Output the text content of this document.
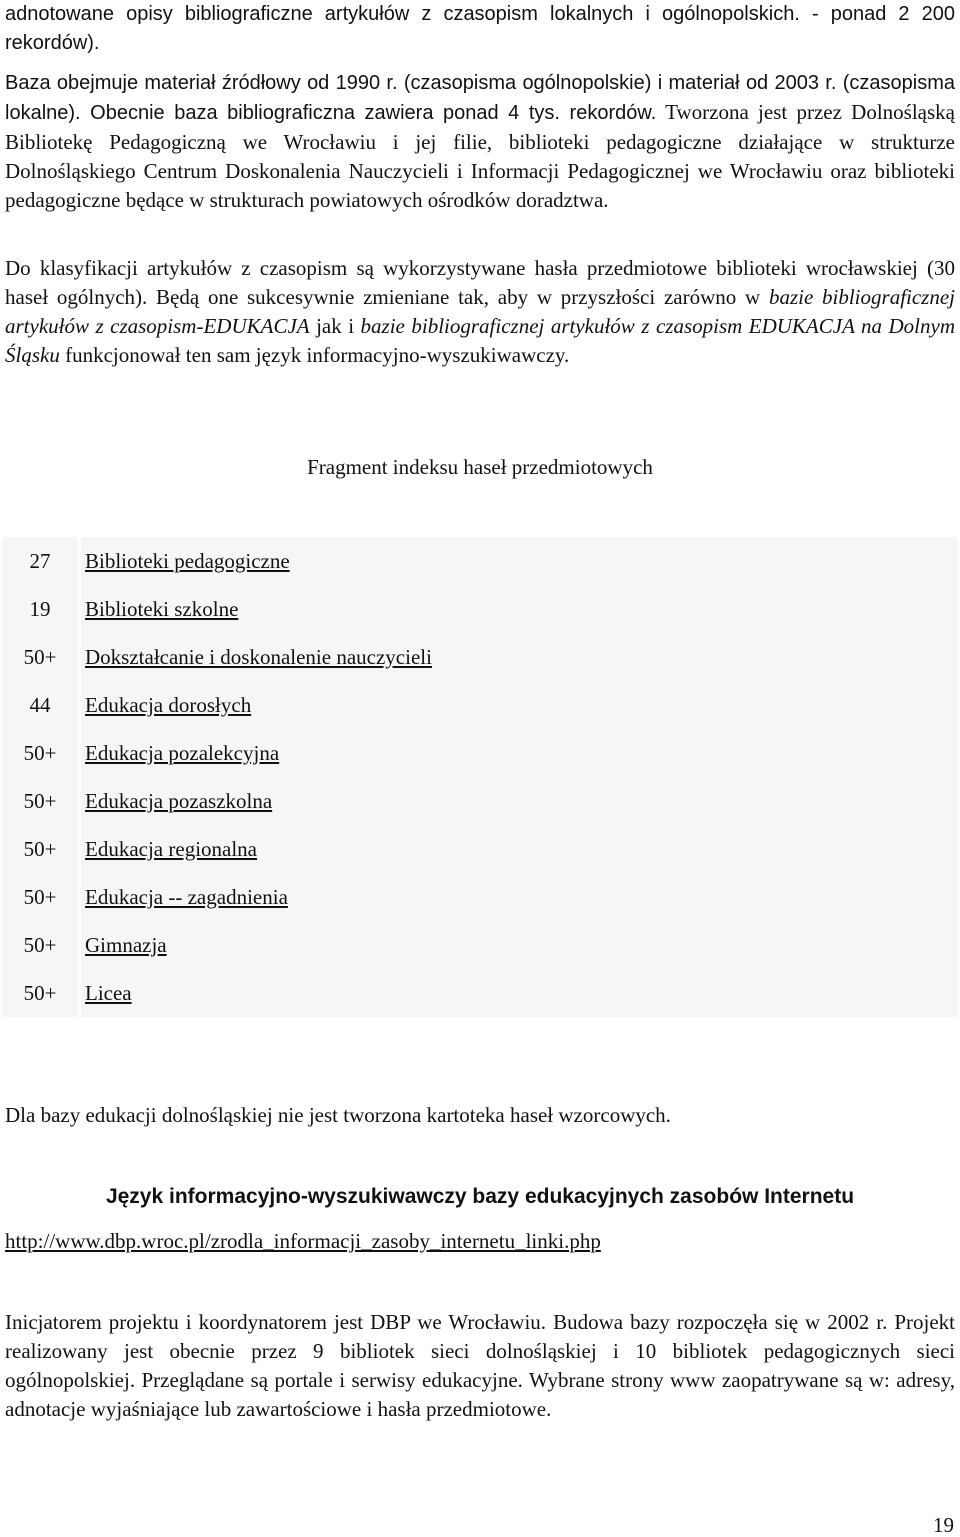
adnotowane opisy bibliograficzne artykułów z czasopism lokalnych i ogólnopolskich. - ponad 2 200 rekordów).

Baza obejmuje materiał źródłowy od 1990 r. (czasopisma ogólnopolskie) i materiał od 2003 r. (czasopisma lokalne). Obecnie baza bibliograficzna zawiera ponad 4 tys. rekordów. Tworzona jest przez Dolnośląską Bibliotekę Pedagogiczną we Wrocławiu i jej filie, biblioteki pedagogiczne działające w strukturze Dolnośląskiego Centrum Doskonalenia Nauczycieli i Informacji Pedagogicznej we Wrocławiu oraz biblioteki pedagogiczne będące w strukturach powiatowych ośrodków doradztwa.

Do klasyfikacji artykułów z czasopism są wykorzystywane hasła przedmiotowe biblioteki wrocławskiej (30 haseł ogólnych). Będą one sukcesywnie zmieniane tak, aby w przyszłości zarówno w bazie bibliograficznej artykułów z czasopism-EDUKACJA jak i bazie bibliograficznej artykułów z czasopism EDUKACJA na Dolnym Śląsku funkcjonował ten sam język informacyjno-wyszukiwawczy.

Fragment indeksu haseł przedmiotowych
27	Biblioteki pedagogiczne
19	Biblioteki szkolne
50+	Dokształcanie i doskonalenie nauczycieli
44	Edukacja dorosłych
50+	Edukacja pozalekcyjna
50+	Edukacja pozaszkolna
50+	Edukacja regionalna
50+	Edukacja -- zagadnienia
50+	Gimnazja
50+	Licea

Dla bazy edukacji dolnośląskiej nie jest tworzona kartoteka haseł wzorcowych.

Język informacyjno-wyszukiwawczy bazy edukacyjnych zasobów Internetu
http://www.dbp.wroc.pl/zrodla_informacji_zasoby_internetu_linki.php

Inicjatorem projektu i koordynatorem jest DBP we Wrocławiu. Budowa bazy rozpoczęła się w 2002 r. Projekt realizowany jest obecnie przez 9 bibliotek sieci dolnośląskiej i 10 bibliotek pedagogicznych sieci ogólnopolskiej. Przeglądane są portale i serwisy edukacyjne. Wybrane strony www zaopatrywane są w: adresy, adnotacje wyjaśniające lub zawartościowe i hasła przedmiotowe.

19
